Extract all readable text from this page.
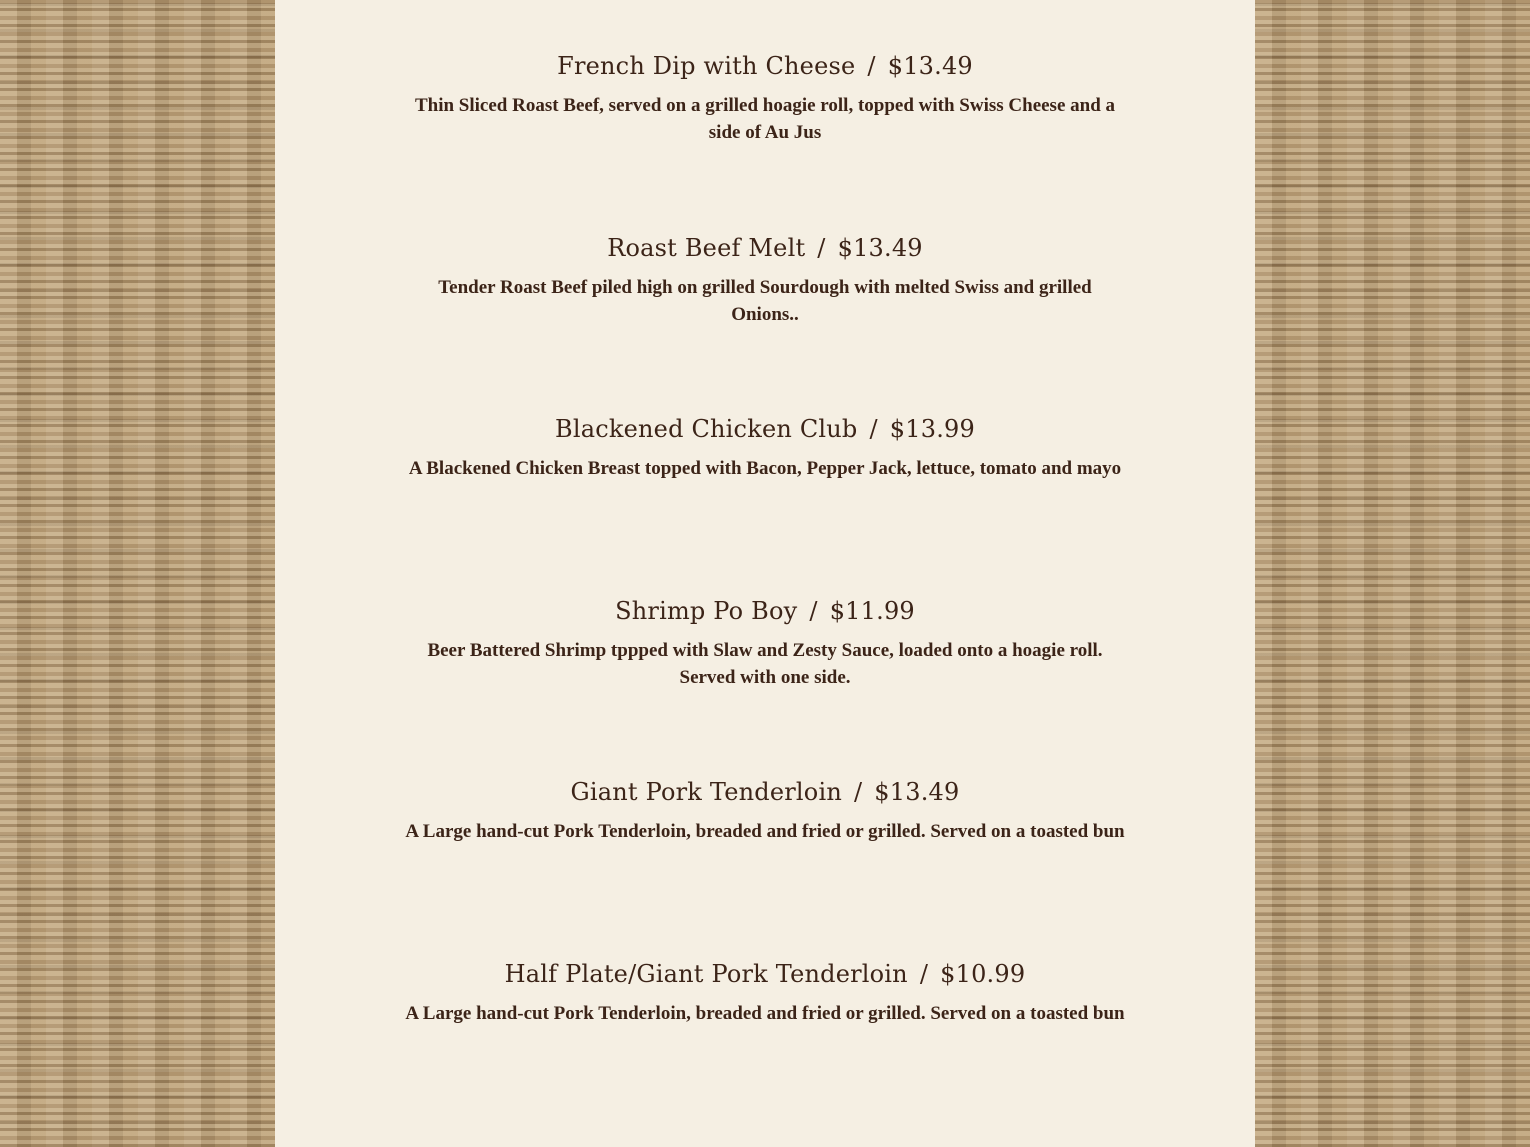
French Dip with Cheese / $13.49

Thin Sliced Roast Beef, served on a grilled hoagie roll, topped with Swiss Cheese and a side of Au Jus

Roast Beef Melt / $13.49

Tender Roast Beef piled high on grilled Sourdough with melted Swiss and grilled Onions..

Blackened Chicken Club / $13.99

A Blackened Chicken Breast topped with Bacon, Pepper Jack, lettuce, tomato and mayo

Shrimp Po Boy / $11.99

Beer Battered Shrimp tppped with Slaw and Zesty Sauce, loaded onto a hoagie roll. Served with one side.

Giant Pork Tenderloin / $13.49

A Large hand-cut Pork Tenderloin, breaded and fried or grilled. Served on a toasted bun

Half Plate/Giant Pork Tenderloin / $10.99

A Large hand-cut Pork Tenderloin, breaded and fried or grilled. Served on a toasted bun
